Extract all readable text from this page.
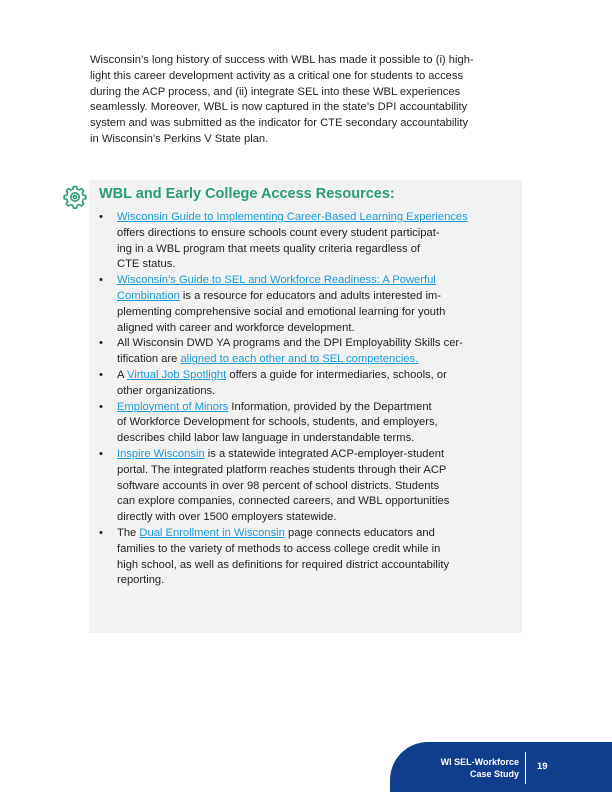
Wisconsin’s long history of success with WBL has made it possible to (i) high-
light this career development activity as a critical one for students to access
during the ACP process, and (ii) integrate SEL into these WBL experiences
seamlessly. Moreover, WBL is now captured in the state’s DPI accountability
system and was submitted as the indicator for CTE secondary accountability
in Wisconsin’s Perkins V State plan.

WBL and Early College Access Resources:
• Wisconsin Guide to Implementing Career-Based Learning Experiences
offers directions to ensure schools count every student participat-
ing in a WBL program that meets quality criteria regardless of
CTE status.
• Wisconsin’s Guide to SEL and Workforce Readiness: A Powerful
Combination is a resource for educators and adults interested im-
plementing comprehensive social and emotional learning for youth
aligned with career and workforce development.
• All Wisconsin DWD YA programs and the DPI Employability Skills cer-
tification are aligned to each other and to SEL competencies.
• A Virtual Job Spotlight offers a guide for intermediaries, schools, or
other organizations.
• Employment of Minors Information, provided by the Department
of Workforce Development for schools, students, and employers,
describes child labor law language in understandable terms.
• Inspire Wisconsin is a statewide integrated ACP-employer-student
portal. The integrated platform reaches students through their ACP
software accounts in over 98 percent of school districts. Students
can explore companies, connected careers, and WBL opportunities
directly with over 1500 employers statewide.
• The Dual Enrollment in Wisconsin page connects educators and
families to the variety of methods to access college credit while in
high school, as well as definitions for required district accountability
reporting.
WI SEL-Workforce
Case Study
19
